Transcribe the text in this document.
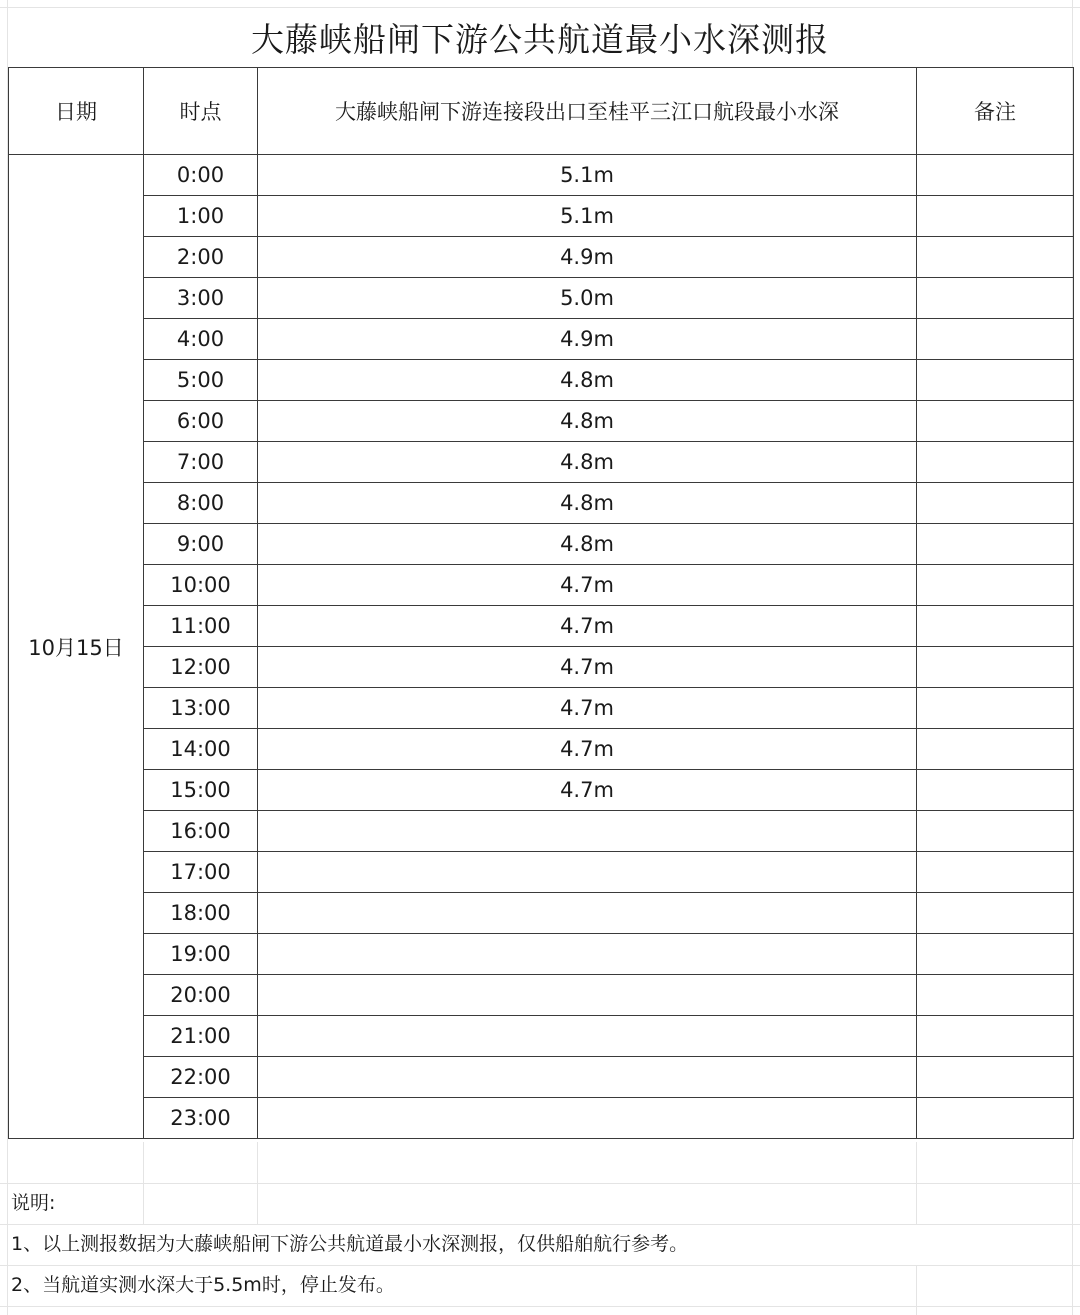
大藤峡船闸下游公共航道最小水深测报
日期	时点	大藤峡船闸下游连接段出口至桂平三江口航段最小水深	备注
10月15日	0:00	5.1m	
	1:00	5.1m	
	2:00	4.9m	
	3:00	5.0m	
	4:00	4.9m	
	5:00	4.8m	
	6:00	4.8m	
	7:00	4.8m	
	8:00	4.8m	
	9:00	4.8m	
	10:00	4.7m	
	11:00	4.7m	
	12:00	4.7m	
	13:00	4.7m	
	14:00	4.7m	
	15:00	4.7m	
	16:00		
	17:00		
	18:00		
	19:00		
	20:00		
	21:00		
	22:00		
	23:00		
说明:
1、以上测报数据为大藤峡船闸下游公共航道最小水深测报，仅供船舶航行参考。
2、当航道实测水深大于5.5m时，停止发布。
